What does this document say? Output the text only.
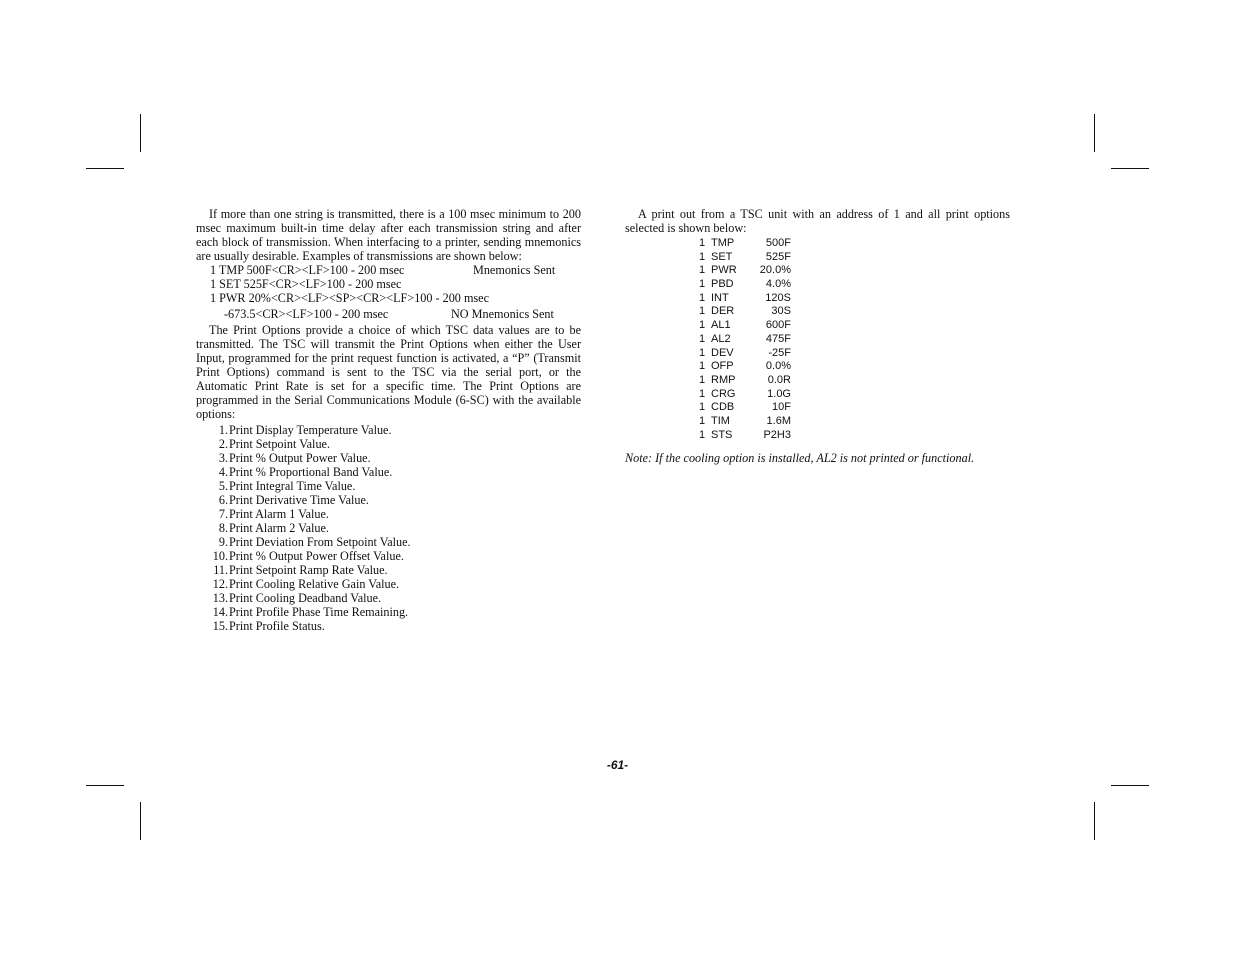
If more than one string is transmitted, there is a 100 msec minimum to 200 msec maximum built-in time delay after each transmission string and after each block of transmission. When interfacing to a printer, sending mnemonics are usually desirable. Examples of transmissions are shown below:

1 TMP 500F<CR><LF>100 - 200 msec	Mnemonics Sent
1 SET 525F<CR><LF>100 - 200 msec
1 PWR 20%<CR><LF><SP><CR><LF>100 - 200 msec
-673.5<CR><LF>100 - 200 msec	NO Mnemonics Sent

The Print Options provide a choice of which TSC data values are to be transmitted. The TSC will transmit the Print Options when either the User Input, programmed for the print request function is activated, a “P” (Transmit Print Options) command is sent to the TSC via the serial port, or the Automatic Print Rate is set for a specific time. The Print Options are programmed in the Serial Communications Module (6-SC) with the available options:

1. Print Display Temperature Value.
2. Print Setpoint Value.
3. Print % Output Power Value.
4. Print % Proportional Band Value.
5. Print Integral Time Value.
6. Print Derivative Time Value.
7. Print Alarm 1 Value.
8. Print Alarm 2 Value.
9. Print Deviation From Setpoint Value.
10. Print % Output Power Offset Value.
11. Print Setpoint Ramp Rate Value.
12. Print Cooling Relative Gain Value.
13. Print Cooling Deadband Value.
14. Print Profile Phase Time Remaining.
15. Print Profile Status.

A print out from a TSC unit with an address of 1 and all print options selected is shown below:

1 TMP	500F
1 SET	525F
1 PWR 20.0%
1 PBD	4.0%
1 INT	120S
1 DER	30S
1 AL1	600F
1 AL2	475F
1 DEV	-25F
1 OFP	0.0%
1 RMP	0.0R
1 CRG	1.0G
1 CDB	10F
1 TIM	1.6M
1 STS	P2H3
Note: If the cooling option is installed, AL2 is not printed or functional.
-61-
